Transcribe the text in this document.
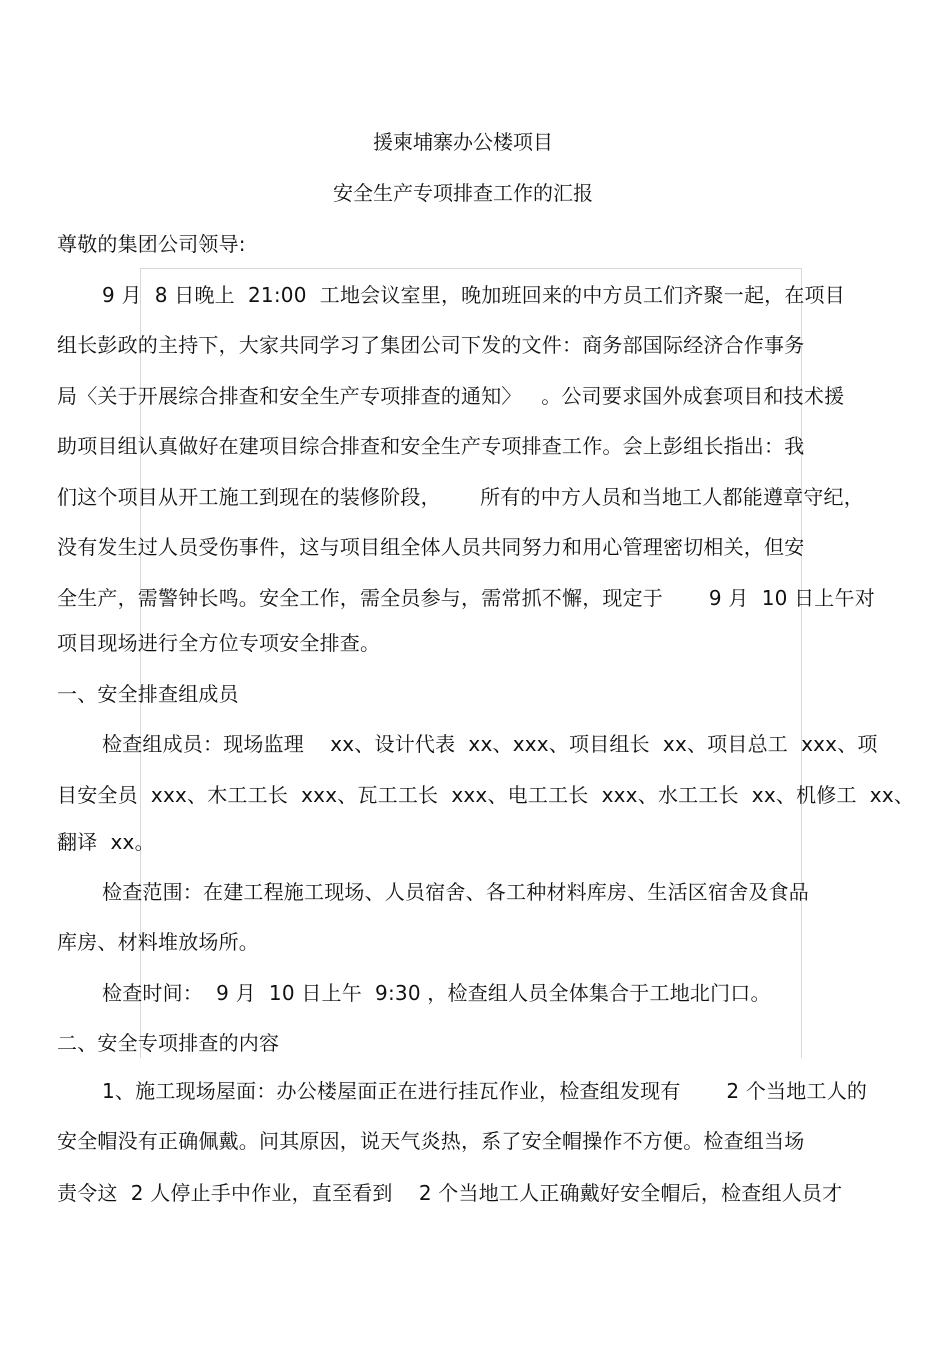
援柬埔寨办公楼项目
安全生产专项排查工作的汇报
尊敬的集团公司领导:
9 月  8 日晚上  21:00  工地会议室里，晚加班回来的中方员工们齐聚一起，在项目
组长彭政的主持下，大家共同学习了集团公司下发的文件：商务部国际经济合作事务
局〈关于开展综合排查和安全生产专项排查的通知〉   。公司要求国外成套项目和技术援
助项目组认真做好在建项目综合排查和安全生产专项排查工作。会上彭组长指出：我
们这个项目从开工施工到现在的装修阶段，      所有的中方人员和当地工人都能遵章守纪，
没有发生过人员受伤事件，这与项目组全体人员共同努力和用心管理密切相关，但安
全生产，需警钟长鸣。安全工作，需全员参与，需常抓不懈，现定于       9 月  10 日上午对
项目现场进行全方位专项安全排查。
一、安全排查组成员
检查组成员：现场监理    xx、设计代表  xx、xxx、项目组长  xx、项目总工  xxx、项
目安全员  xxx、木工工长  xxx、瓦工工长  xxx、电工工长  xxx、水工工长  xx、机修工  xx、
翻译  xx。
检查范围：在建工程施工现场、人员宿舍、各工种材料库房、生活区宿舍及食品
库房、材料堆放场所。
检查时间：  9 月  10 日上午  9:30 ，检查组人员全体集合于工地北门口。
二、安全专项排查的内容
1、施工现场屋面：办公楼屋面正在进行挂瓦作业，检查组发现有       2 个当地工人的
安全帽没有正确佩戴。问其原因，说天气炎热，系了安全帽操作不方便。检查组当场
责令这  2 人停止手中作业，直至看到    2 个当地工人正确戴好安全帽后，检查组人员才
